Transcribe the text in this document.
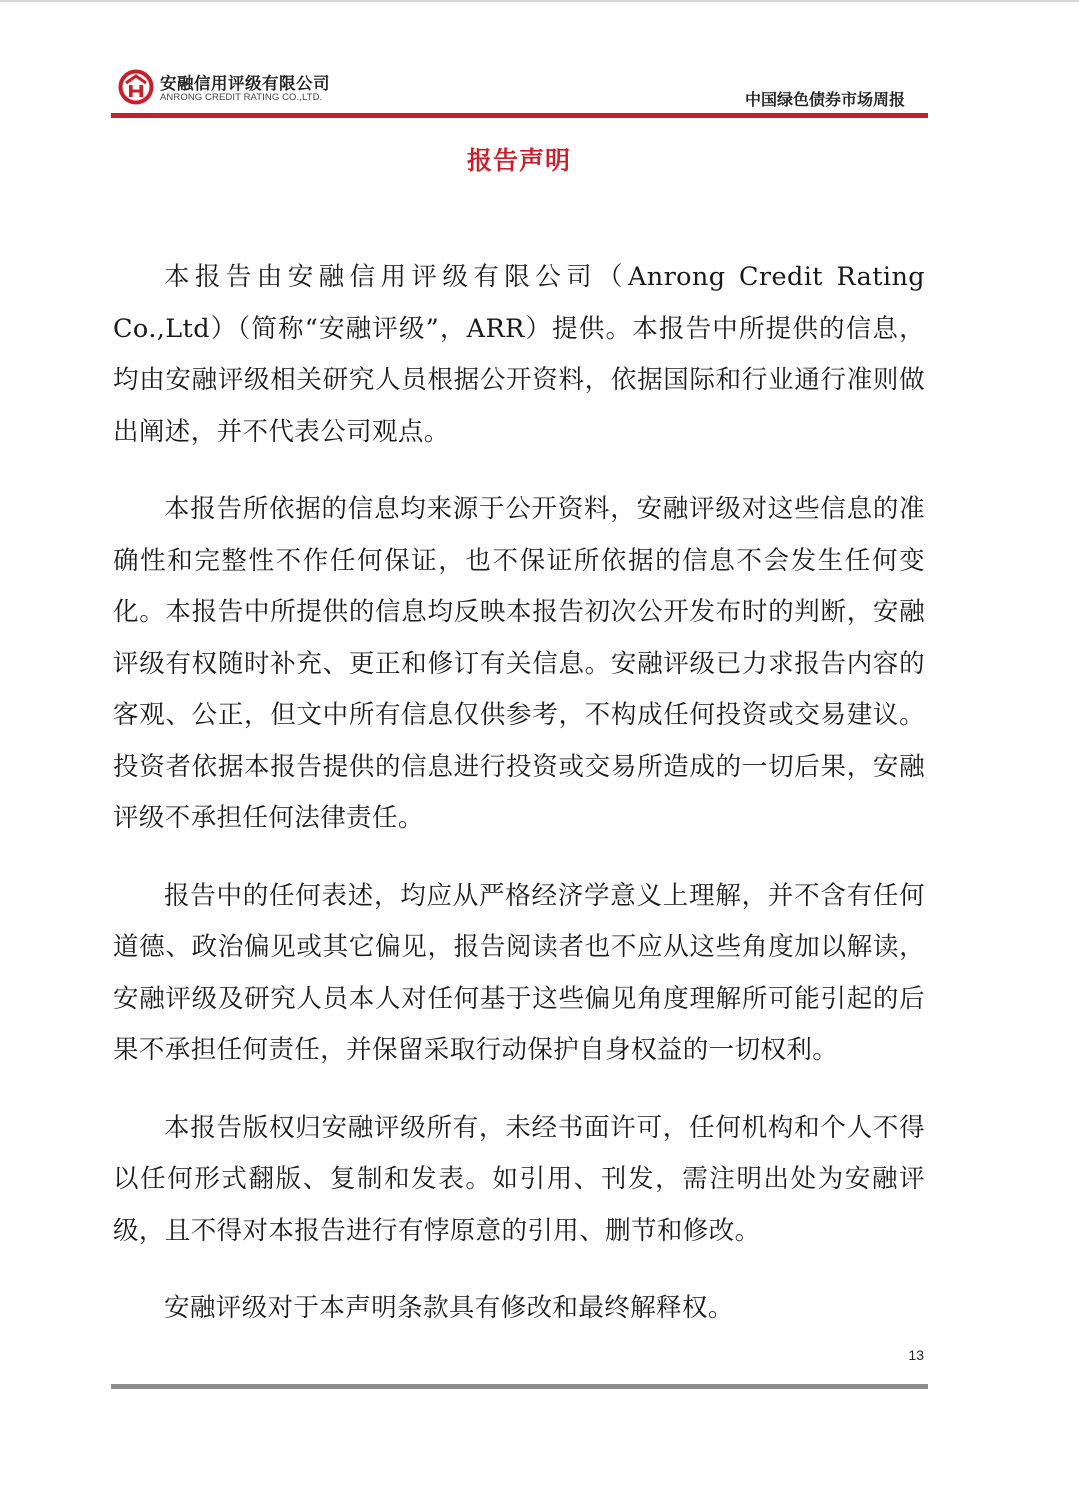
安融信用评级有限公司
ANRONG CREDIT RATING CO.,LTD.	中国绿色债券市场周报
报告声明

本报告由安融信用评级有限公司（Anrong Credit Rating Co.,Ltd）（简称“安融评级”，ARR）提供。本报告中所提供的信息，均由安融评级相关研究人员根据公开资料，依据国际和行业通行准则做出阐述，并不代表公司观点。

本报告所依据的信息均来源于公开资料，安融评级对这些信息的准确性和完整性不作任何保证，也不保证所依据的信息不会发生任何变化。本报告中所提供的信息均反映本报告初次公开发布时的判断，安融评级有权随时补充、更正和修订有关信息。安融评级已力求报告内容的客观、公正，但文中所有信息仅供参考，不构成任何投资或交易建议。投资者依据本报告提供的信息进行投资或交易所造成的一切后果，安融评级不承担任何法律责任。

报告中的任何表述，均应从严格经济学意义上理解，并不含有任何道德、政治偏见或其它偏见，报告阅读者也不应从这些角度加以解读，安融评级及研究人员本人对任何基于这些偏见角度理解所可能引起的后果不承担任何责任，并保留采取行动保护自身权益的一切权利。

本报告版权归安融评级所有，未经书面许可，任何机构和个人不得以任何形式翻版、复制和发表。如引用、刊发，需注明出处为安融评级，且不得对本报告进行有悖原意的引用、删节和修改。

安融评级对于本声明条款具有修改和最终解释权。

13
